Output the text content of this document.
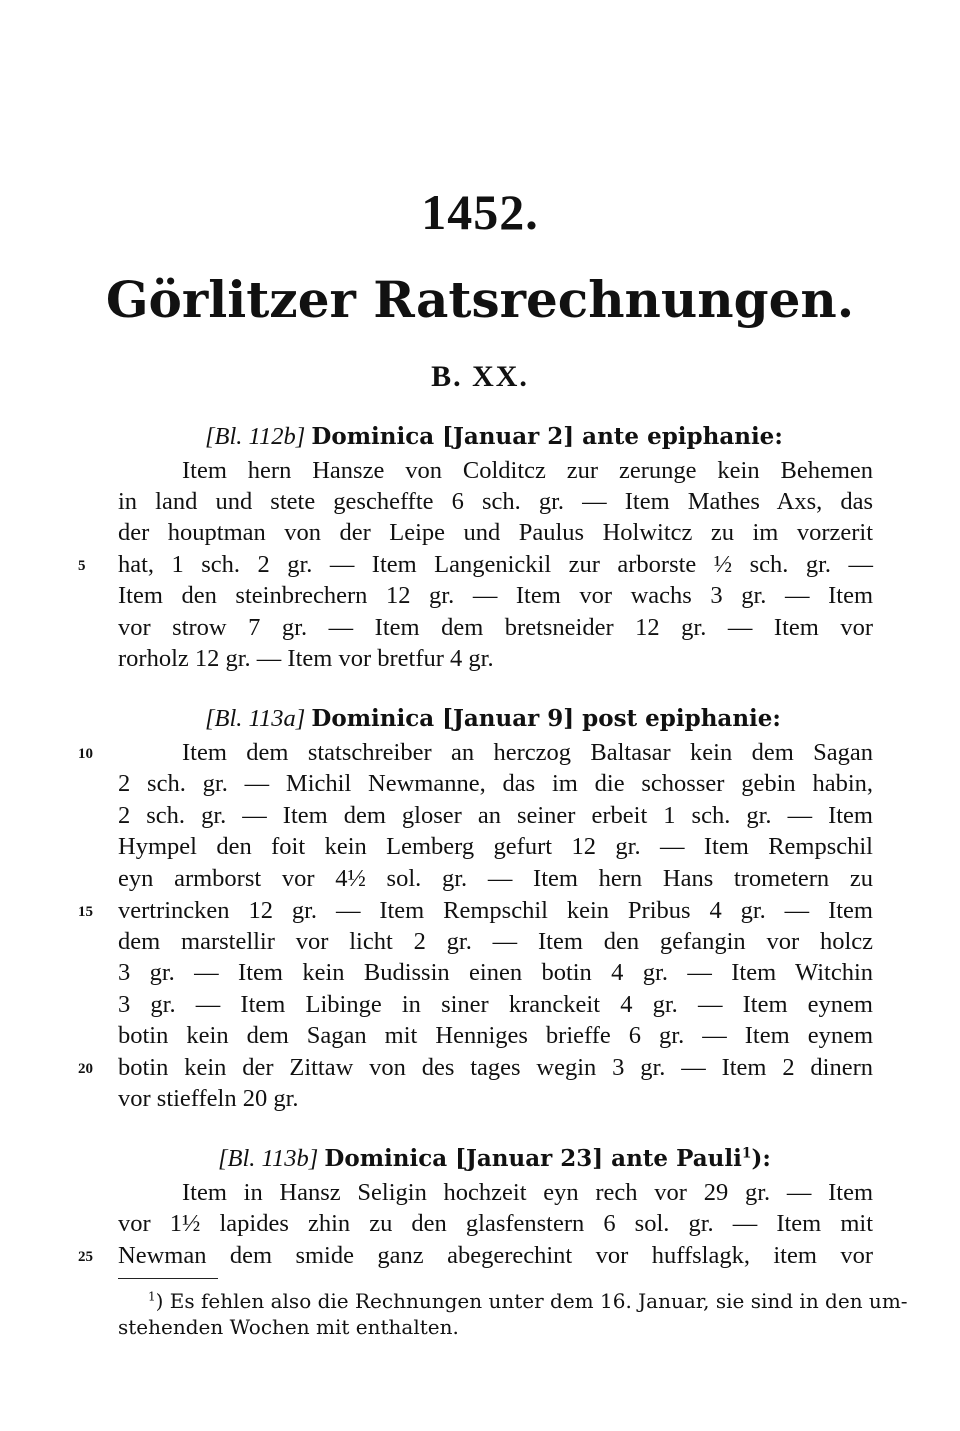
1452.
Görlitzer Ratsrechnungen.
B. XX.
[Bl. 112b] Dominica [Januar 2] ante epiphanie:
Item hern Hansze von Colditcz zur zerunge kein Behemen
in land und stete gescheffte 6 sch. gr. — Item Mathes Axs, das
der houptman von der Leipe und Paulus Holwitcz zu im vorzerit
hat, 1 sch. 2 gr. — Item Langenickil zur arborste ½ sch. gr. —
Item den steinbrechern 12 gr. — Item vor wachs 3 gr. — Item
vor strow 7 gr. — Item dem bretsneider 12 gr. — Item vor
rorholz 12 gr. — Item vor bretfur 4 gr.
[Bl. 113a] Dominica [Januar 9] post epiphanie:
Item dem statschreiber an herczog Baltasar kein dem Sagan
2 sch. gr. — Michil Newmanne, das im die schosser gebin habin,
2 sch. gr. — Item dem gloser an seiner erbeit 1 sch. gr. — Item
Hympel den foit kein Lemberg gefurt 12 gr. — Item Rempschil
eyn armborst vor 4½ sol. gr. — Item hern Hans trometern zu
vertrincken 12 gr. — Item Rempschil kein Pribus 4 gr. — Item
dem marstellir vor licht 2 gr. — Item den gefangin vor holcz
3 gr. — Item kein Budissin einen botin 4 gr. — Item Witchin
3 gr. — Item Libinge in siner kranckeit 4 gr. — Item eynem
botin kein dem Sagan mit Henniges brieffe 6 gr. — Item eynem
botin kein der Zittaw von des tages wegin 3 gr. — Item 2 dinern
vor stieffeln 20 gr.
[Bl. 113b] Dominica [Januar 23] ante Pauli$^1$):
Item in Hansz Seligin hochzeit eyn rech vor 29 gr. — Item
vor 1½ lapides zhin zu den glasfenstern 6 sol. gr. — Item mit
Newman dem smide ganz abegerechint vor huffslagk, item vor
5
10
15
20
25
$^1$) Es fehlen also die Rechnungen unter dem 16. Januar, sie sind in den um-
stehenden Wochen mit enthalten.
